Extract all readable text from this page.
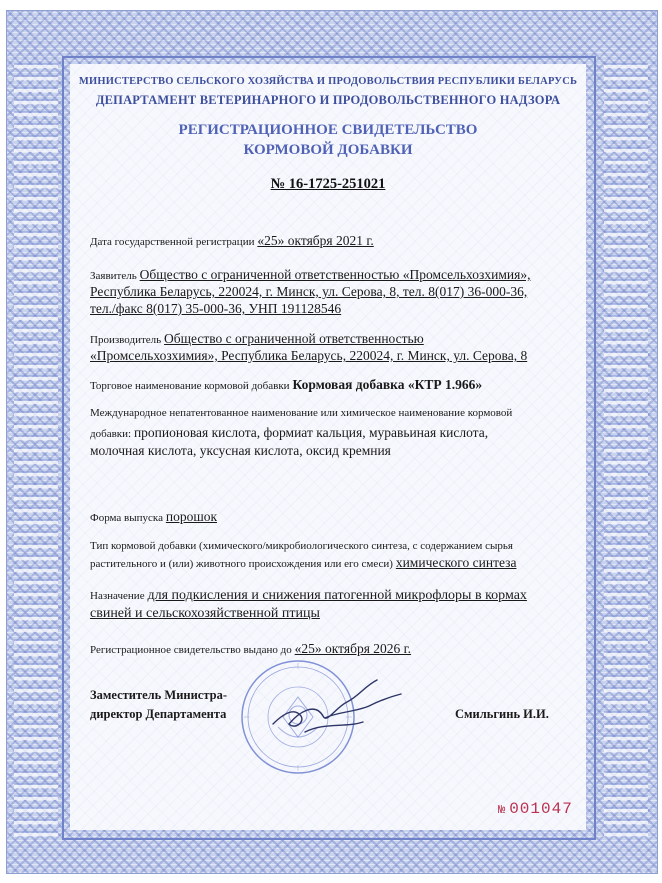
МИНИСТЕРСТВО СЕЛЬСКОГО ХОЗЯЙСТВА И ПРОДОВОЛЬСТВИЯ РЕСПУБЛИКИ БЕЛАРУСЬ
ДЕПАРТАМЕНТ ВЕТЕРИНАРНОГО И ПРОДОВОЛЬСТВЕННОГО НАДЗОРА
РЕГИСТРАЦИОННОЕ СВИДЕТЕЛЬСТВО
КОРМОВОЙ ДОБАВКИ
№ 16-1725-251021
Дата государственной регистрации «25» октября 2021 г.
Заявитель Общество с ограниченной ответственностью «Промсельхозхимия»,
Республика Беларусь, 220024, г. Минск, ул. Серова, 8, тел. 8(017) 36-000-36,
тел./факс 8(017) 35-000-36, УНП 191128546
Производитель Общество с ограниченной ответственностью
«Промсельхозхимия», Республика Беларусь, 220024, г. Минск, ул. Серова, 8
Торговое наименование кормовой добавки Кормовая добавка «КТР 1.966»
Международное непатентованное наименование или химическое наименование кормовой
добавки: пропионовая кислота, формиат кальция, муравьиная кислота,
молочная кислота, уксусная кислота, оксид кремния
Форма выпуска порошок
Тип кормовой добавки (химического/микробиологического синтеза, с содержанием сырья
растительного и (или) животного происхождения или его смеси) химического синтеза
Назначение для подкисления и снижения патогенной микрофлоры в кормах
свиней и сельскохозяйственной птицы
Регистрационное свидетельство выдано до «25» октября 2026 г.
Заместитель Министра-
директор Департамента	Смильгинь И.И.
№ 001047
